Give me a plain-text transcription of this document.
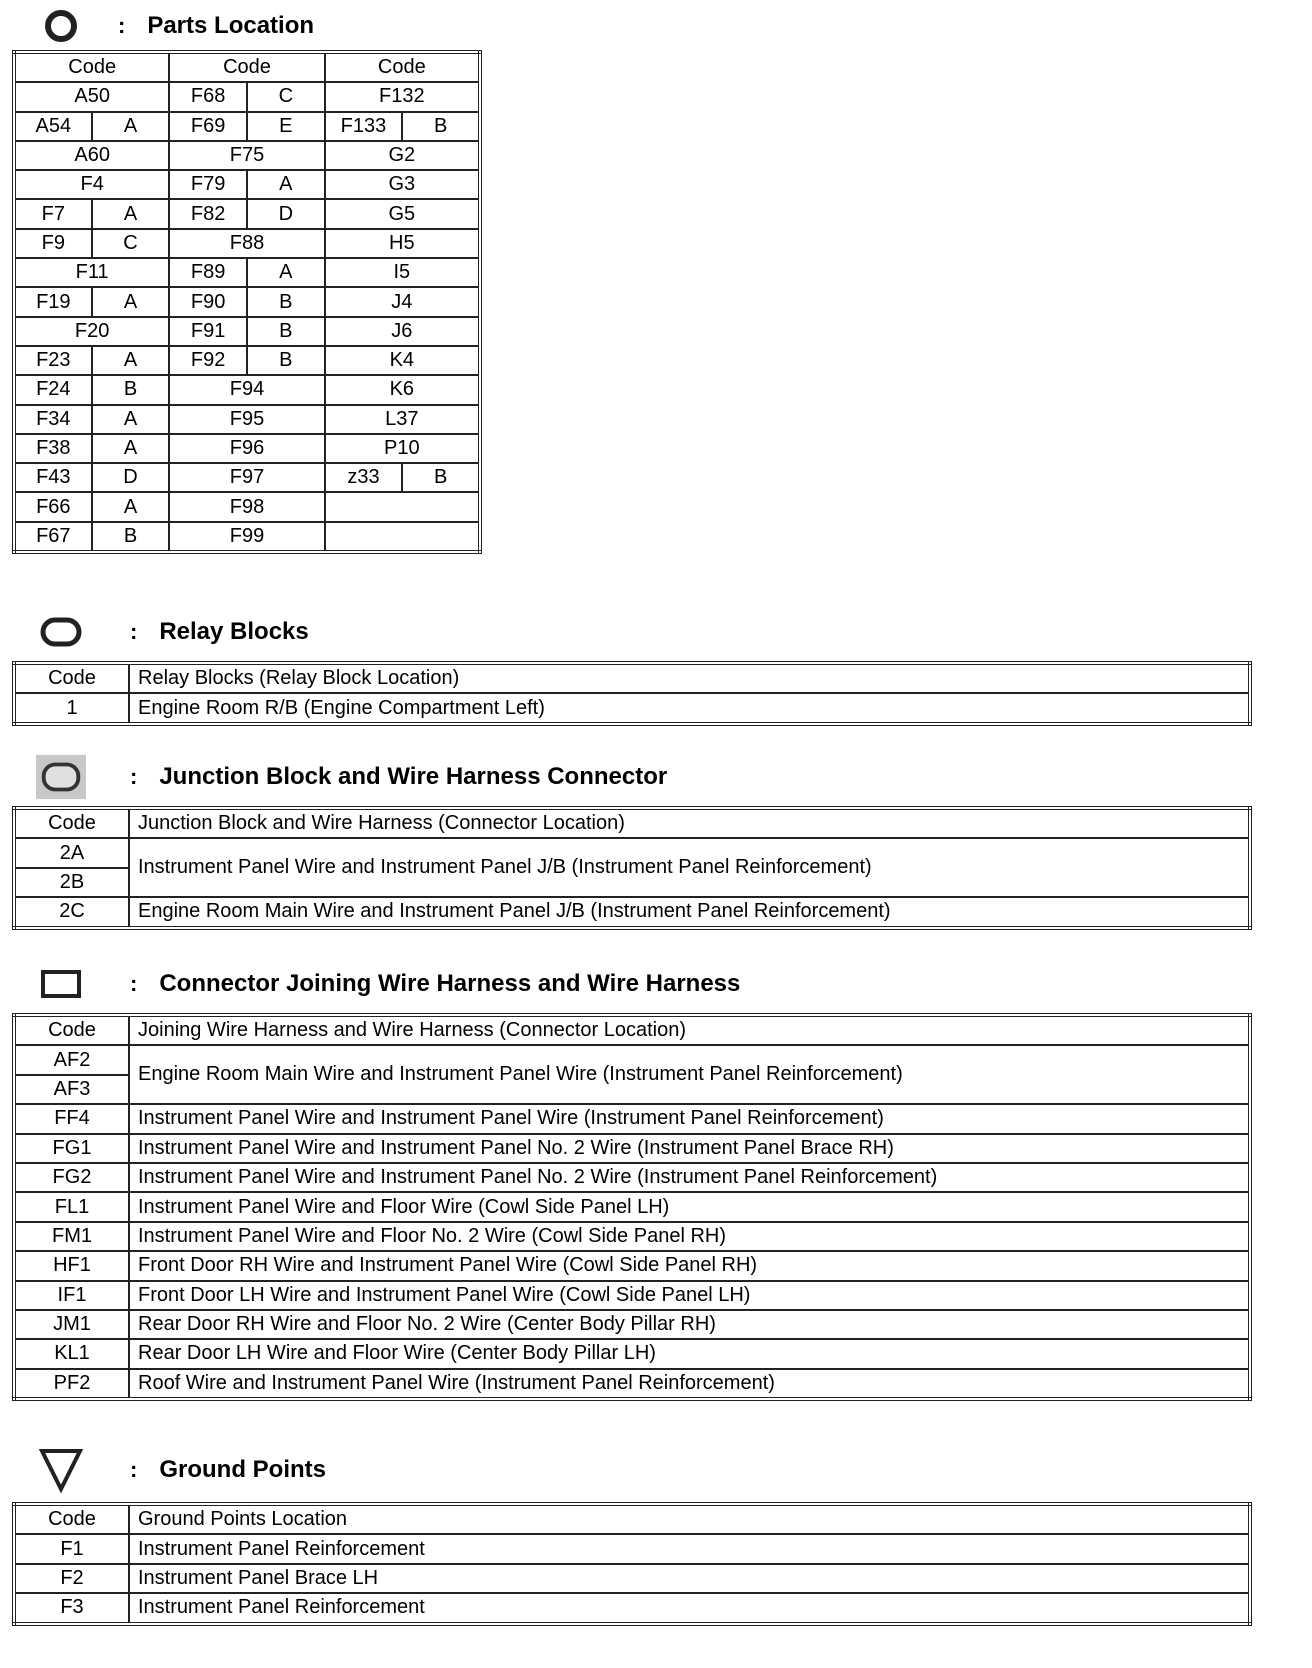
: Parts Location
Code		Code		Code	
A50		F68	C	F132	
A54	A	F69	E	F133	B
A60		F75		G2	
F4		F79	A	G3	
F7	A	F82	D	G5	
F9	C	F88		H5	
F11		F89	A	I5	
F19	A	F90	B	J4	
F20		F91	B	J6	
F23	A	F92	B	K4	
F24	B	F94		K6	
F34	A	F95		L37	
F38	A	F96		P10	
F43	D	F97		z33	B
F66	A	F98			
F67	B	F99			
: Relay Blocks
Code	Relay Blocks (Relay Block Location)
1	Engine Room R/B (Engine Compartment Left)
: Junction Block and Wire Harness Connector
Code	Junction Block and Wire Harness (Connector Location)
2A	Instrument Panel Wire and Instrument Panel J/B (Instrument Panel Reinforcement)
2B	
2C	Engine Room Main Wire and Instrument Panel J/B (Instrument Panel Reinforcement)
: Connector Joining Wire Harness and Wire Harness
Code	Joining Wire Harness and Wire Harness (Connector Location)
AF2	Engine Room Main Wire and Instrument Panel Wire (Instrument Panel Reinforcement)
AF3	
FF4	Instrument Panel Wire and Instrument Panel Wire (Instrument Panel Reinforcement)
FG1	Instrument Panel Wire and Instrument Panel No. 2 Wire (Instrument Panel Brace RH)
FG2	Instrument Panel Wire and Instrument Panel No. 2 Wire (Instrument Panel Reinforcement)
FL1	Instrument Panel Wire and Floor Wire (Cowl Side Panel LH)
FM1	Instrument Panel Wire and Floor No. 2 Wire (Cowl Side Panel RH)
HF1	Front Door RH Wire and Instrument Panel Wire (Cowl Side Panel RH)
IF1	Front Door LH Wire and Instrument Panel Wire (Cowl Side Panel LH)
JM1	Rear Door RH Wire and Floor No. 2 Wire (Center Body Pillar RH)
KL1	Rear Door LH Wire and Floor Wire (Center Body Pillar LH)
PF2	Roof Wire and Instrument Panel Wire (Instrument Panel Reinforcement)
: Ground Points
Code	Ground Points Location
F1	Instrument Panel Reinforcement
F2	Instrument Panel Brace LH
F3	Instrument Panel Reinforcement
